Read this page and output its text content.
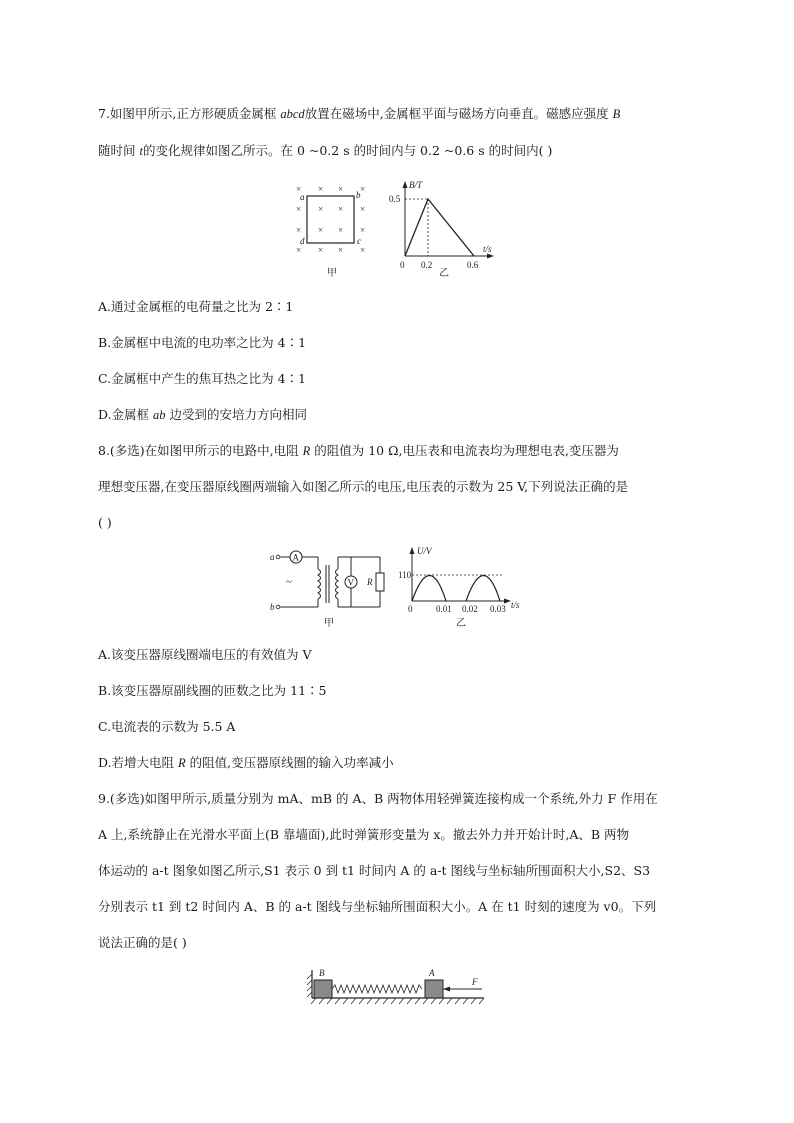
7.如图甲所示,正方形硬质金属框 abcd放置在磁场中,金属框平面与磁场方向垂直。磁感应强度 B
随时间 t的变化规律如图乙所示。在 0 ~0.2 s 的时间内与 0.2 ~0.6 s 的时间内( )
× × ×
× × × ×
× × × ×
× × ×
×
×
a	b
c
d
甲
B/T
0.5
t/s
0 0.2	0.6
乙
A.通过金属框的电荷量之比为 2∶1
B.金属框中电流的电功率之比为 4∶1
C.金属框中产生的焦耳热之比为 4∶1
D.金属框 ab 边受到的安培力方向相同
8.(多选)在如图甲所示的电路中,电阻 R 的阻值为 10 Ω,电压表和电流表均为理想电表,变压器为
理想变压器,在变压器原线圈两端输入如图乙所示的电压,电压表的示数为 25 V,下列说法正确的是
( )
a
b
A
V R
~
甲
U/V
110
0	0.01 0.02 0.03 t/s
乙
A.该变压器原线圈端电压的有效值为 V
B.该变压器原副线圈的匝数之比为 11∶5
C.电流表的示数为 5.5 A
D.若增大电阻 R 的阻值,变压器原线圈的输入功率减小
9.(多选)如图甲所示,质量分别为 mA、mB 的 A、B 两物体用轻弹簧连接构成一个系统,外力 F 作用在
A 上,系统静止在光滑水平面上(B 靠墙面),此时弹簧形变量为 x。撤去外力并开始计时,A、B 两物
体运动的 a-t 图象如图乙所示,S1 表示 0 到 t1 时间内 A 的 a-t 图线与坐标轴所围面积大小,S2、S3
分别表示 t1 到 t2 时间内 A、B 的 a-t 图线与坐标轴所围面积大小。A 在 t1 时刻的速度为 v0。下列
说法正确的是( )
B	A
F
